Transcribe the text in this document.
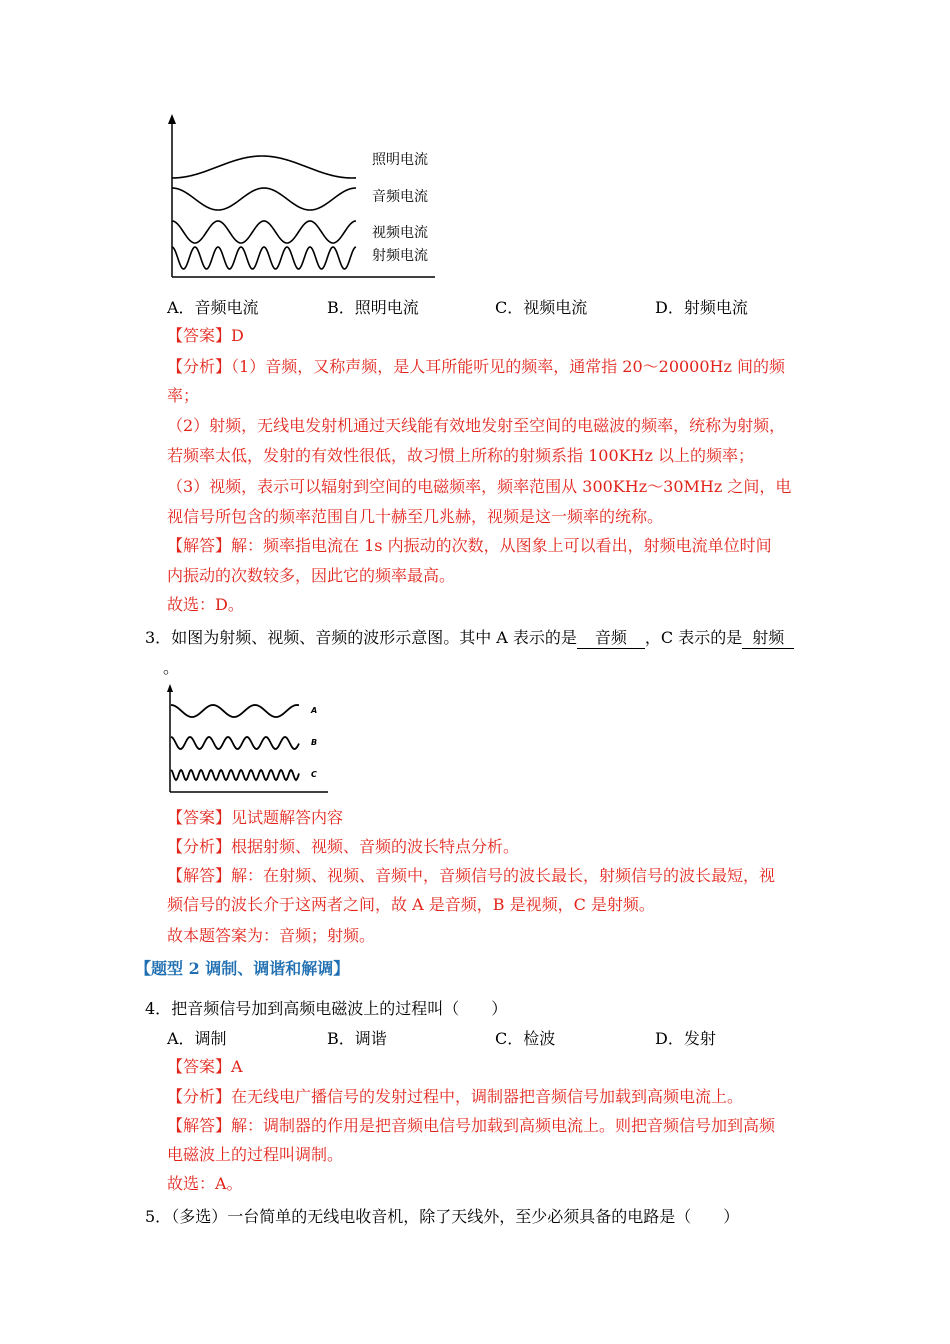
照明电流
音频电流
视频电流
射频电流
A．音频电流	B．照明电流	C．视频电流	D．射频电流
【答案】D
【分析】（1）音频，又称声频，是人耳所能听见的频率，通常指 20～20000Hz 间的频
率；
（2）射频，无线电发射机通过天线能有效地发射至空间的电磁波的频率，统称为射频，
若频率太低，发射的有效性很低，故习惯上所称的射频系指 100KHz 以上的频率；
（3）视频，表示可以辐射到空间的电磁频率，频率范围从 300KHz～30MHz 之间，电
视信号所包含的频率范围自几十赫至几兆赫，视频是这一频率的统称。
【解答】解：频率指电流在 1s 内振动的次数，从图象上可以看出，射频电流单位时间
内振动的次数较多，因此它的频率最高。
故选：D。
3．如图为射频、视频、音频的波形示意图。其中 A 表示的是 音频 ，C 表示的是 射频
。
A
B
C
【答案】见试题解答内容
【分析】根据射频、视频、音频的波长特点分析。
【解答】解：在射频、视频、音频中，音频信号的波长最长，射频信号的波长最短，视
频信号的波长介于这两者之间，故 A 是音频，B 是视频，C 是射频。
故本题答案为：音频；射频。
【题型 2 调制、调谐和解调】
4．把音频信号加到高频电磁波上的过程叫（　　）
A．调制	B．调谐	C．检波	D．发射
【答案】A
【分析】在无线电广播信号的发射过程中，调制器把音频信号加载到高频电流上。
【解答】解：调制器的作用是把音频电信号加载到高频电流上。则把音频信号加到高频
电磁波上的过程叫调制。
故选：A。
5．（多选）一台简单的无线电收音机，除了天线外，至少必须具备的电路是（　　）
